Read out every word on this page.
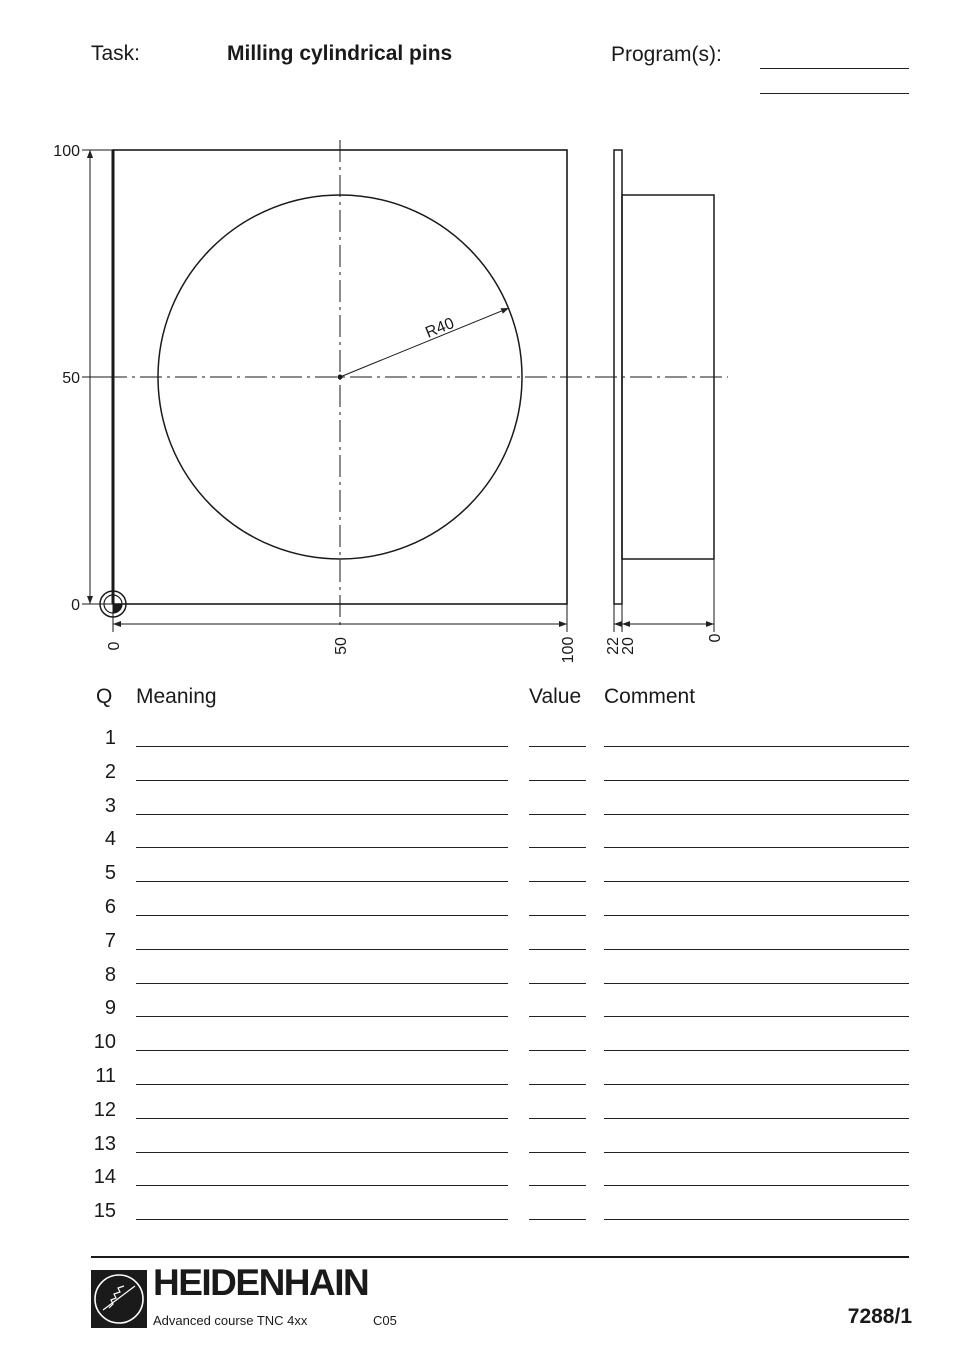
Task:	Milling cylindrical pins	Program(s):
100
50
0
0	50	100 22
20	0
R40
Q Meaning	Value Comment
1
2
3
4
5
6
7
8
9
10
11
12
13
14
15
HEIDENHAIN
Advanced course TNC 4xx	C05	7288/1
